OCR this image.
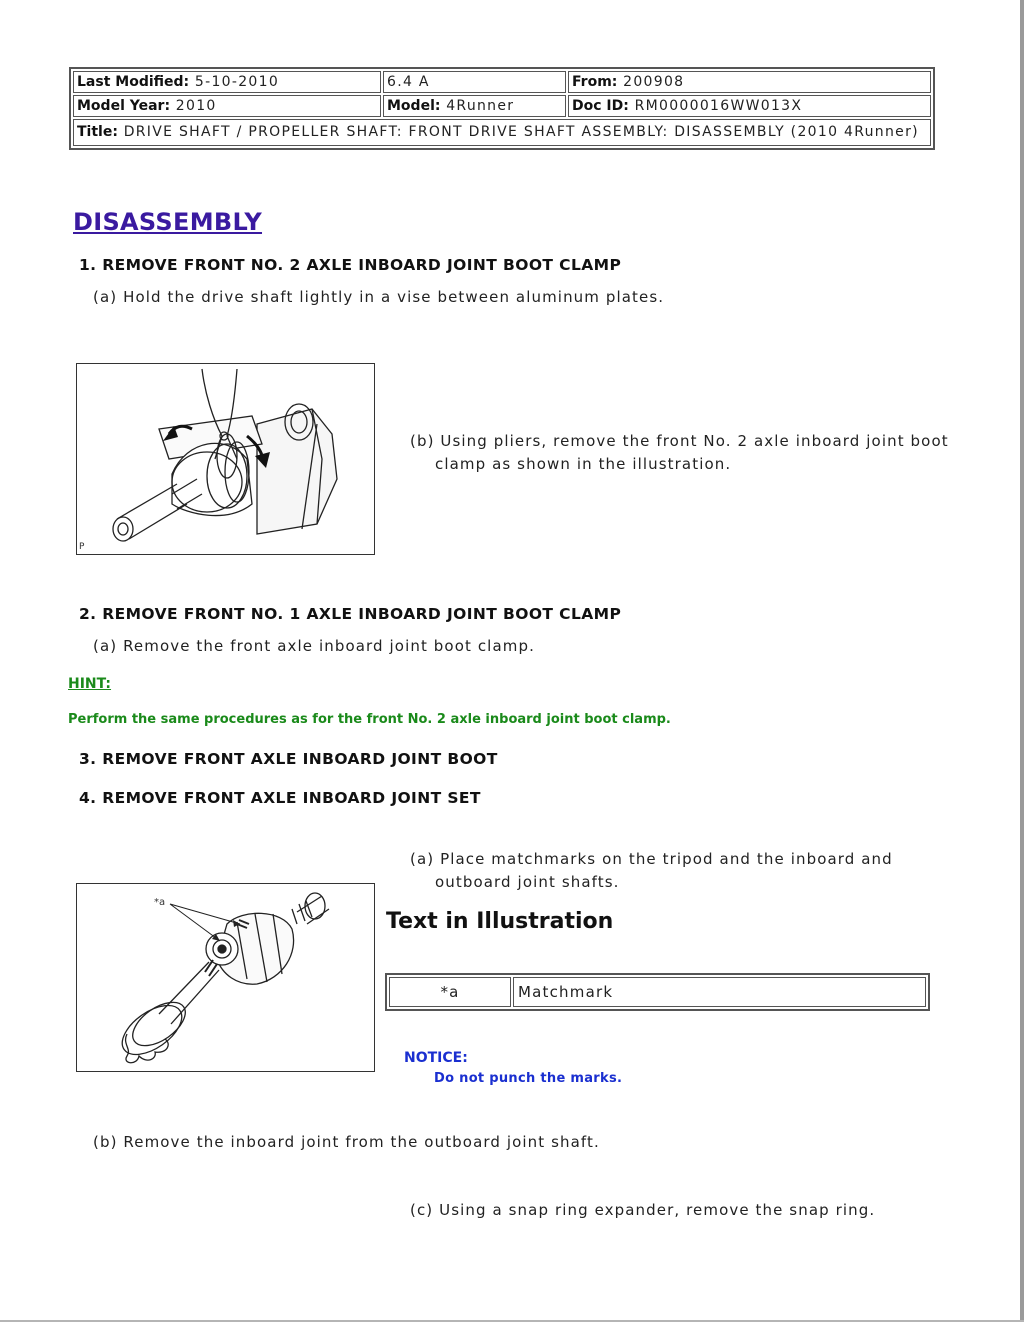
Last Modified: 5-10-2010	6.4 A	From: 200908
Model Year: 2010	Model: 4Runner	Doc ID: RM0000016WW013X
Title: DRIVE SHAFT / PROPELLER SHAFT: FRONT DRIVE SHAFT ASSEMBLY: DISASSEMBLY (2010 4Runner)		
DISASSEMBLY
1. REMOVE FRONT NO. 2 AXLE INBOARD JOINT BOOT CLAMP
(a) Hold the drive shaft lightly in a vise between aluminum plates.
P
(b) Using pliers, remove the front No. 2 axle inboard joint boot
clamp as shown in the illustration.
2. REMOVE FRONT NO. 1 AXLE INBOARD JOINT BOOT CLAMP
(a) Remove the front axle inboard joint boot clamp.
HINT:
Perform the same procedures as for the front No. 2 axle inboard joint boot clamp.
3. REMOVE FRONT AXLE INBOARD JOINT BOOT
4. REMOVE FRONT AXLE INBOARD JOINT SET
(a) Place matchmarks on the tripod and the inboard and
outboard joint shafts.
*a
Text in Illustration
*a	Matchmark
NOTICE:
Do not punch the marks.
(b) Remove the inboard joint from the outboard joint shaft.
(c) Using a snap ring expander, remove the snap ring.
